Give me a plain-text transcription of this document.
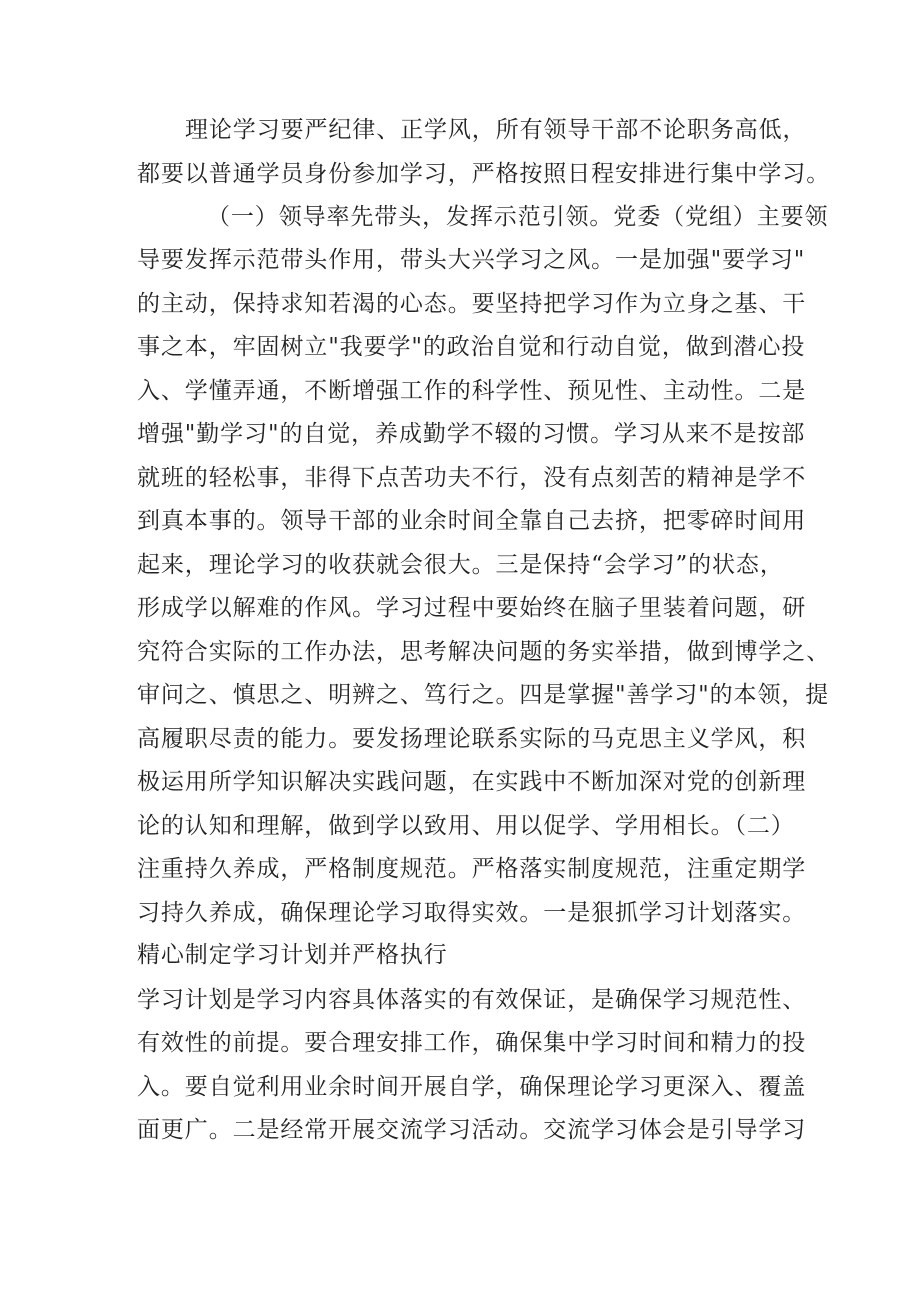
理论学习要严纪律、正学风，所有领导干部不论职务高低，
都要以普通学员身份参加学习，严格按照日程安排进行集中学习。
（一）领导率先带头，发挥示范引领。党委（党组）主要领
导要发挥示范带头作用，带头大兴学习之风。一是加强"要学习"
的主动，保持求知若渴的心态。要坚持把学习作为立身之基、干
事之本，牢固树立"我要学"的政治自觉和行动自觉，做到潜心投
入、学懂弄通，不断增强工作的科学性、预见性、主动性。二是
增强"勤学习"的自觉，养成勤学不辍的习惯。学习从来不是按部
就班的轻松事，非得下点苦功夫不行，没有点刻苦的精神是学不
到真本事的。领导干部的业余时间全靠自己去挤，把零碎时间用
起来，理论学习的收获就会很大。三是保持“会学习”的状态，
形成学以解难的作风。学习过程中要始终在脑子里装着问题，研
究符合实际的工作办法，思考解决问题的务实举措，做到博学之、
审问之、慎思之、明辨之、笃行之。四是掌握"善学习"的本领，提
高履职尽责的能力。要发扬理论联系实际的马克思主义学风，积
极运用所学知识解决实践问题，在实践中不断加深对党的创新理
论的认知和理解，做到学以致用、用以促学、学用相长。（二）
注重持久养成，严格制度规范。严格落实制度规范，注重定期学
习持久养成，确保理论学习取得实效。一是狠抓学习计划落实。
精心制定学习计划并严格执行
学习计划是学习内容具体落实的有效保证，是确保学习规范性、
有效性的前提。要合理安排工作，确保集中学习时间和精力的投
入。要自觉利用业余时间开展自学，确保理论学习更深入、覆盖
面更广。二是经常开展交流学习活动。交流学习体会是引导学习
